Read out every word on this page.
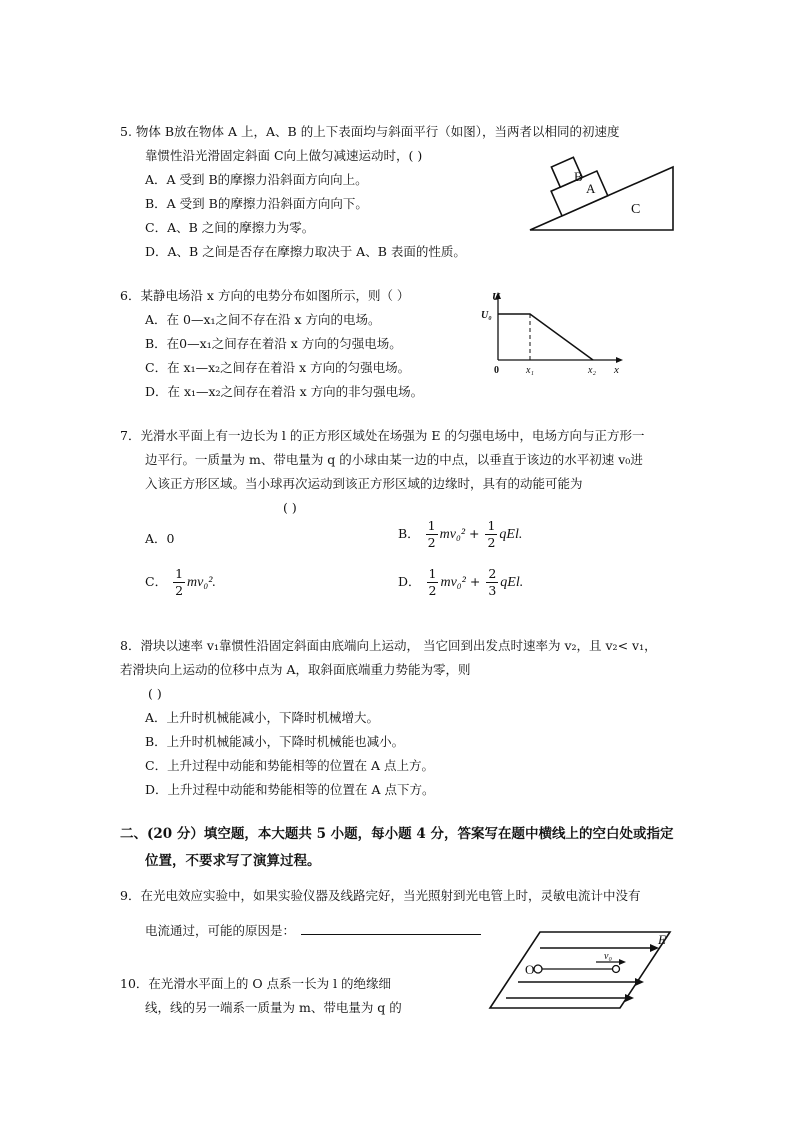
5. 物体 B放在物体 A 上，A、B 的上下表面均与斜面平行（如图），当两者以相同的初速度
靠惯性沿光滑固定斜面 C向上做匀减速运动时，( )
A．A 受到 B的摩擦力沿斜面方向向上。
B．A 受到 B的摩擦力沿斜面方向向下。
C．A、B 之间的摩擦力为零。
D．A、B 之间是否存在摩擦力取决于 A、B 表面的性质。
B
A
C
6．某静电场沿 x 方向的电势分布如图所示，则（ ）
A．在 0—x₁之间不存在沿 x 方向的电场。
B．在0—x₁之间存在着沿 x 方向的匀强电场。
C．在 x₁—x₂之间存在着沿 x 方向的匀强电场。
D．在 x₁—x₂之间存在着沿 x 方向的非匀强电场。
U
U₀
0	x₁	x₂ x
7．光滑水平面上有一边长为 l 的正方形区域处在场强为 E 的匀强电场中，电场方向与正方形一
边平行。一质量为 m、带电量为 q 的小球由某一边的中点，以垂直于该边的水平初速 v₀进
入该正方形区域。当小球再次运动到该正方形区域的边缘时，具有的动能可能为
( )
A．0	B． $\frac{1}{2} mv_0^2 + \frac{1}{2}$ qEl.
C． $\frac{1}{2} mv_0^2$.	D． $\frac{1}{2} mv_0^2 + \frac{2}{3}$ qEl.
8．滑块以速率 v₁靠惯性沿固定斜面由底端向上运动， 当它回到出发点时速率为 v₂，且 v₂< v₁，
若滑块向上运动的位移中点为 A，取斜面底端重力势能为零，则
( )
A．上升时机械能减小，下降时机械增大。
B．上升时机械能减小，下降时机械能也减小。
C．上升过程中动能和势能相等的位置在 A 点上方。
D．上升过程中动能和势能相等的位置在 A 点下方。
二、(20 分）填空题，本大题共 5 小题，每小题 4 分，答案写在题中横线上的空白处或指定
位置，不要求写了演算过程。
9．在光电效应实验中，如果实验仪器及线路完好，当光照射到光电管上时，灵敏电流计中没有
电流通过，可能的原因是：
10．在光滑水平面上的 O 点系一长为 l 的绝缘细
线，线的另一端系一质量为 m、带电量为 q 的
O
v₀
E
